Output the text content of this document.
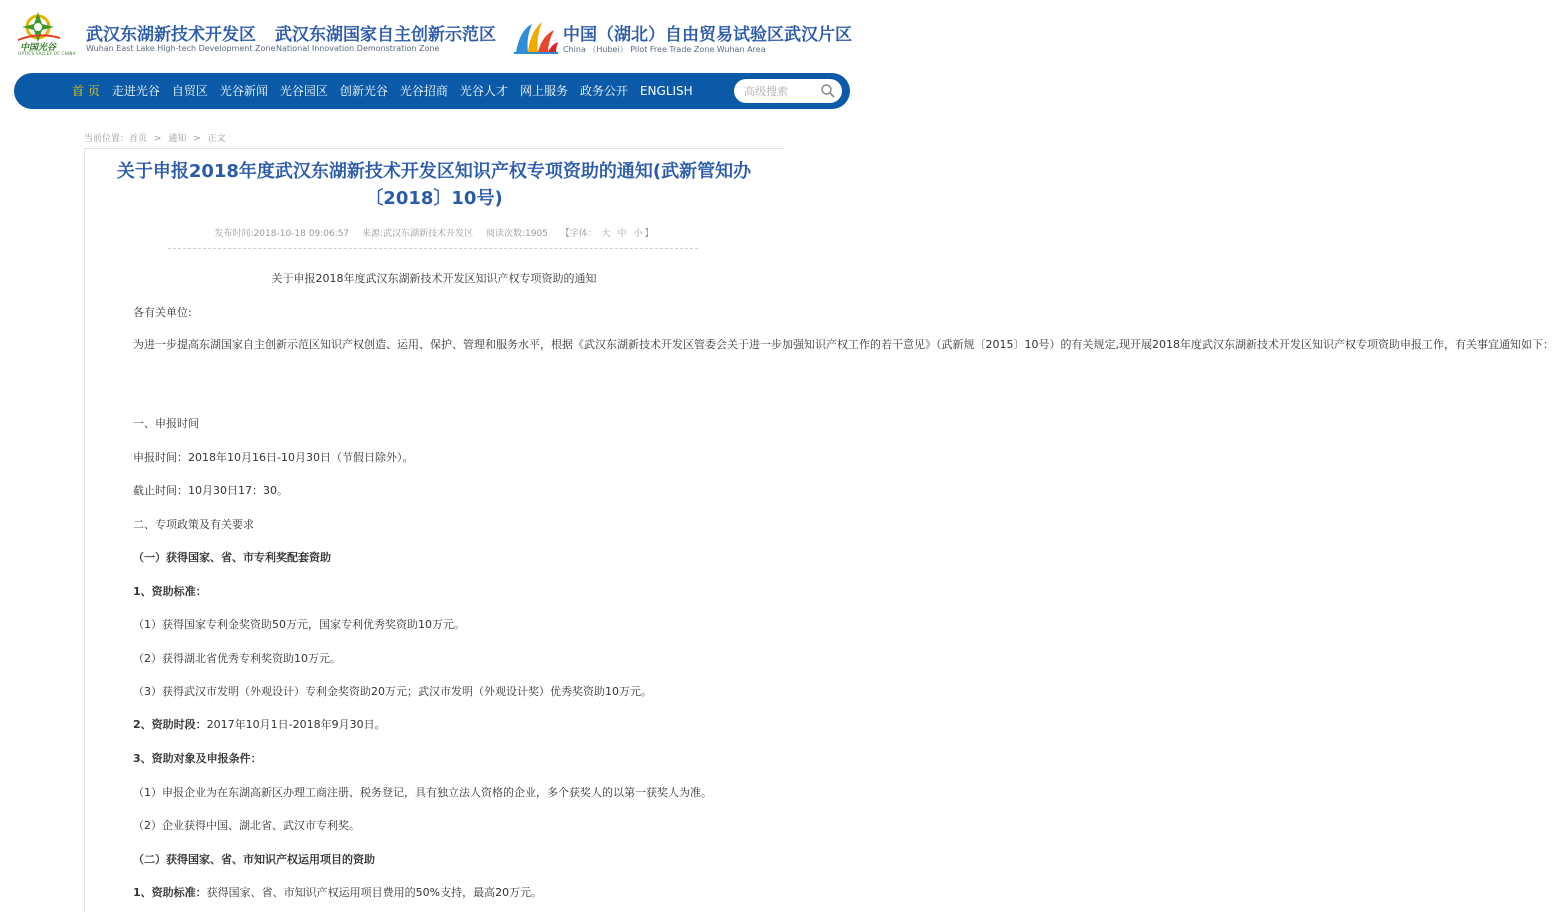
中国光谷
OPTICS VALLEY OF CHINA
武汉东湖新技术开发区
Wuhan East Lake High-tech Development Zone
武汉东湖国家自主创新示范区
National Innovation Demonstration Zone
中国（湖北）自由贸易试验区武汉片区
China （Hubei） Pilot Free Trade Zone Wuhan Area
首 页	走进光谷	自贸区	光谷新闻	光谷园区	创新光谷	光谷招商	光谷人才	网上服务	政务公开	ENGLISH
高级搜索
当前位置：首页 > 通知 > 正文
关于申报2018年度武汉东湖新技术开发区知识产权专项资助的通知(武新管知办
〔2018〕10号)
发布时间:2018-10-18 09:06:57 来源:武汉东湖新技术开发区 阅读次数:1905 【字体： 大 中 小 】

关于申报2018年度武汉东湖新技术开发区知识产权专项资助的通知

各有关单位:

为进一步提高东湖国家自主创新示范区知识产权创造、运用、保护、管理和服务水平，根据《武汉东湖新技术开发区管委会关于进一步加强知识产权工作的若干意见》（武新规〔2015〕10号）的有关规定,现开展2018年度武汉东湖新技术开发区知识产权专项资助申报工作，有关事宜通知如下：

一、申报时间

申报时间：2018年10月16日-10月30日（节假日除外）。

截止时间：10月30日17：30。

二、专项政策及有关要求

（一）获得国家、省、市专利奖配套资助

1、资助标准：

（1）获得国家专利金奖资助50万元，国家专利优秀奖资助10万元。

（2）获得湖北省优秀专利奖资助10万元。

（3）获得武汉市发明（外观设计）专利金奖资助20万元；武汉市发明（外观设计奖）优秀奖资助10万元。

2、资助时段：2017年10月1日-2018年9月30日。

3、资助对象及申报条件：

（1）申报企业为在东湖高新区办理工商注册、税务登记，具有独立法人资格的企业，多个获奖人的以第一获奖人为准。

（2）企业获得中国、湖北省、武汉市专利奖。

（二）获得国家、省、市知识产权运用项目的资助

1、资助标准：获得国家、省、市知识产权运用项目费用的50%支持，最高20万元。
